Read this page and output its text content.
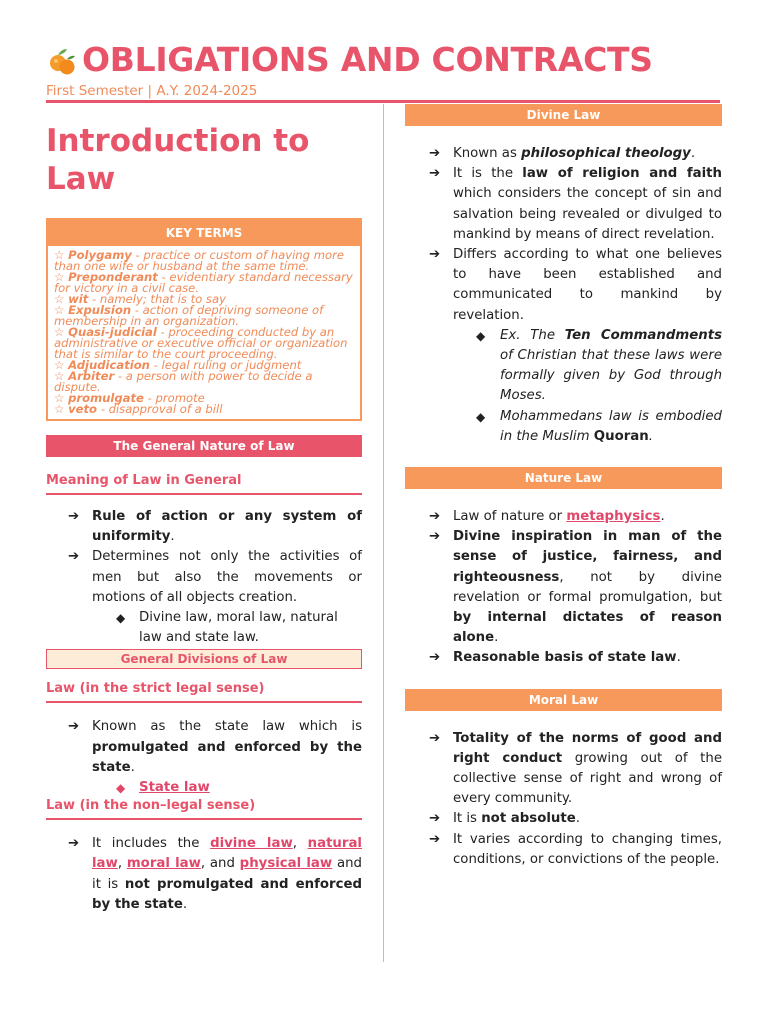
OBLIGATIONS AND CONTRACTS
First Semester | A.Y. 2024-2025
Introduction to
Law
KEY TERMS

☆ Polygamy - practice or custom of having more than one wife or husband at the same time.

☆ Preponderant - evidentiary standard necessary for victory in a civil case.

☆ wit - namely; that is to say

☆ Expulsion - action of depriving someone of membership in an organization.

☆ Quasi-judicial - proceeding conducted by an administrative or executive official or organization that is similar to the court proceeding.

☆ Adjudication - legal ruling or judgment

☆ Arbiter - a person with power to decide a dispute.

☆ promulgate - promote

☆ veto - disapproval of a bill

The General Nature of Law
Meaning of Law in General
➔ Rule of action or any system of uniformity.
➔ Determines not only the activities of men but also the movements or motions of all objects creation.
◆ Divine law, moral law, natural law and state law.
General Divisions of Law
Law (in the strict legal sense)
➔ Known as the state law which is promulgated and enforced by the state.
◆ State law
Law (in the non–legal sense)
➔ It includes the divine law, natural law, moral law, and physical law and it is not promulgated and enforced by the state.
Divine Law
➔ Known as philosophical theology.
➔ It is the law of religion and faith which considers the concept of sin and salvation being revealed or divulged to mankind by means of direct revelation.
➔ Differs according to what one believes to have been established and communicated to mankind by revelation.
◆ Ex. The Ten Commandments of Christian that these laws were formally given by God through Moses.
◆ Mohammedans law is embodied in the Muslim Quoran.
Nature Law
➔ Law of nature or metaphysics.
➔ Divine inspiration in man of the sense of justice, fairness, and righteousness, not by divine revelation or formal promulgation, but by internal dictates of reason alone.
➔ Reasonable basis of state law.
Moral Law
➔ Totality of the norms of good and right conduct growing out of the collective sense of right and wrong of every community.
➔ It is not absolute.
➔ It varies according to changing times, conditions, or convictions of the people.
